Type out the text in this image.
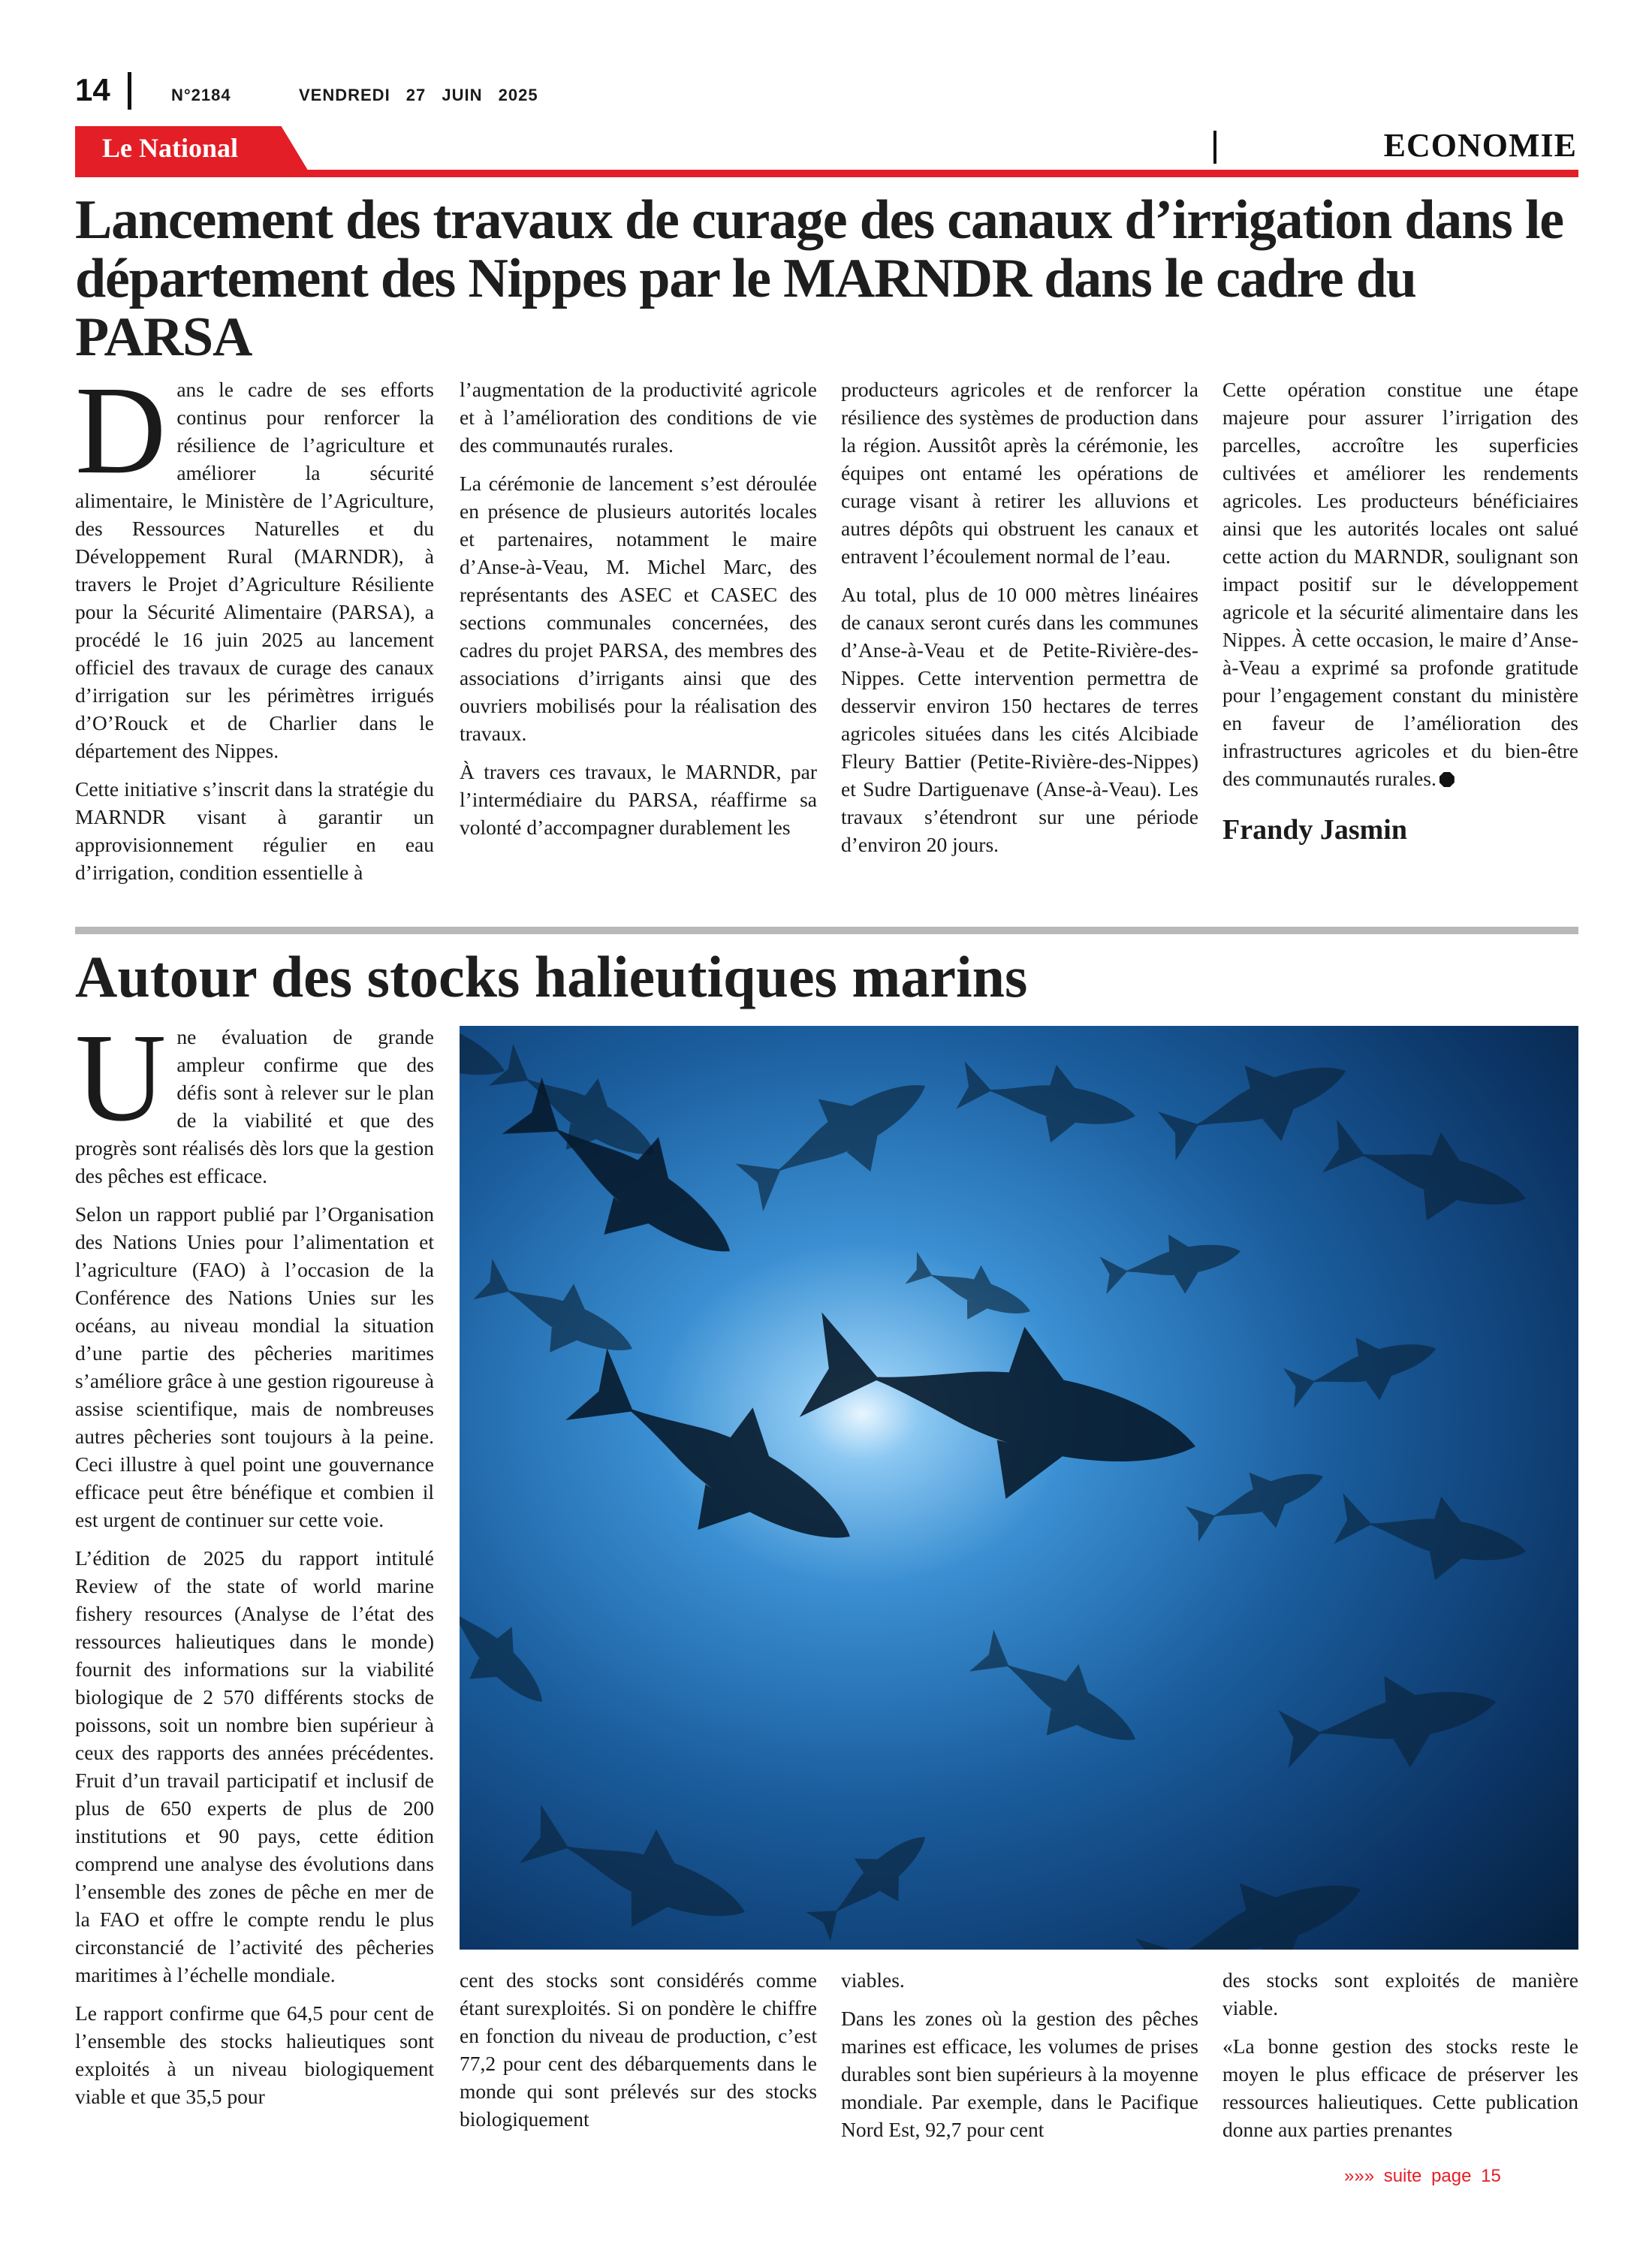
14	N°2184	VENDREDI 27 JUIN 2025
Le National	ECONOMIE
Lancement des travaux de curage des canaux d’irrigation dans le département des Nippes par le MARNDR dans le cadre du PARSA

Dans le cadre de ses efforts continus pour renforcer la résilience de l’agriculture et améliorer la sécurité alimentaire, le Ministère de l’Agriculture, des Ressources Naturelles et du Développement Rural (MARNDR), à travers le Projet d’Agriculture Résiliente pour la Sécurité Alimentaire (PARSA), a procédé le 16 juin 2025 au lancement officiel des travaux de curage des canaux d’irrigation sur les périmètres irrigués d’O’Rouck et de Charlier dans le département des Nippes.

Cette initiative s’inscrit dans la stratégie du MARNDR visant à garantir un approvisionnement régulier en eau d’irrigation, condition essentielle à

l’augmentation de la productivité agricole et à l’amélioration des conditions de vie des communautés rurales.

La cérémonie de lancement s’est déroulée en présence de plusieurs autorités locales et partenaires, notamment le maire d’Anse-à-Veau, M. Michel Marc, des représentants des ASEC et CASEC des sections communales concernées, des cadres du projet PARSA, des membres des associations d’irrigants ainsi que des ouvriers mobilisés pour la réalisation des travaux.

À travers ces travaux, le MARNDR, par l’intermédiaire du PARSA, réaffirme sa volonté d’accompagner durablement les

producteurs agricoles et de renforcer la résilience des systèmes de production dans la région. Aussitôt après la cérémonie, les équipes ont entamé les opérations de curage visant à retirer les alluvions et autres dépôts qui obstruent les canaux et entravent l’écoulement normal de l’eau.

Au total, plus de 10 000 mètres linéaires de canaux seront curés dans les communes d’Anse-à-Veau et de Petite-Rivière-des-Nippes. Cette intervention permettra de desservir environ 150 hectares de terres agricoles situées dans les cités Alcibiade Fleury Battier (Petite-Rivière-des-Nippes) et Sudre Dartiguenave (Anse-à-Veau). Les travaux s’étendront sur une période d’environ 20 jours.

Cette opération constitue une étape majeure pour assurer l’irrigation des parcelles, accroître les superficies cultivées et améliorer les rendements agricoles. Les producteurs bénéficiaires ainsi que les autorités locales ont salué cette action du MARNDR, soulignant son impact positif sur le développement agricole et la sécurité alimentaire dans les Nippes. À cette occasion, le maire d’Anse-à-Veau a exprimé sa profonde gratitude pour l’engagement constant du ministère en faveur de l’amélioration des infrastructures agricoles et du bien-être des communautés rurales.

Frandy Jasmin
Autour des stocks halieutiques marins

Une évaluation de grande ampleur confirme que des défis sont à relever sur le plan de la viabilité et que des progrès sont réalisés dès lors que la gestion des pêches est efficace.

Selon un rapport publié par l’Organisation des Nations Unies pour l’alimentation et l’agriculture (FAO) à l’occasion de la Conférence des Nations Unies sur les océans, au niveau mondial la situation d’une partie des pêcheries maritimes s’améliore grâce à une gestion rigoureuse à assise scientifique, mais de nombreuses autres pêcheries sont toujours à la peine. Ceci illustre à quel point une gouvernance efficace peut être bénéfique et combien il est urgent de continuer sur cette voie.

L’édition de 2025 du rapport intitulé Review of the state of world marine fishery resources (Analyse de l’état des ressources halieutiques dans le monde) fournit des informations sur la viabilité biologique de 2 570 différents stocks de poissons, soit un nombre bien supérieur à ceux des rapports des années précédentes. Fruit d’un travail participatif et inclusif de plus de 650 experts de plus de 200 institutions et 90 pays, cette édition comprend une analyse des évolutions dans l’ensemble des zones de pêche en mer de la FAO et offre le compte rendu le plus circonstancié de l’activité des pêcheries maritimes à l’échelle mondiale.

Le rapport confirme que 64,5 pour cent de l’ensemble des stocks halieutiques sont exploités à un niveau biologiquement viable et que 35,5 pour

cent des stocks sont considérés comme étant surexploités. Si on pondère le chiffre en fonction du niveau de production, c’est 77,2 pour cent des débarquements dans le monde qui sont prélevés sur des stocks biologiquement

viables.

Dans les zones où la gestion des pêches marines est efficace, les volumes de prises durables sont bien supérieurs à la moyenne mondiale. Par exemple, dans le Pacifique Nord Est, 92,7 pour cent

des stocks sont exploités de manière viable.

«La bonne gestion des stocks reste le moyen le plus efficace de préserver les ressources halieutiques. Cette publication donne aux parties prenantes

»»» suite page 15
